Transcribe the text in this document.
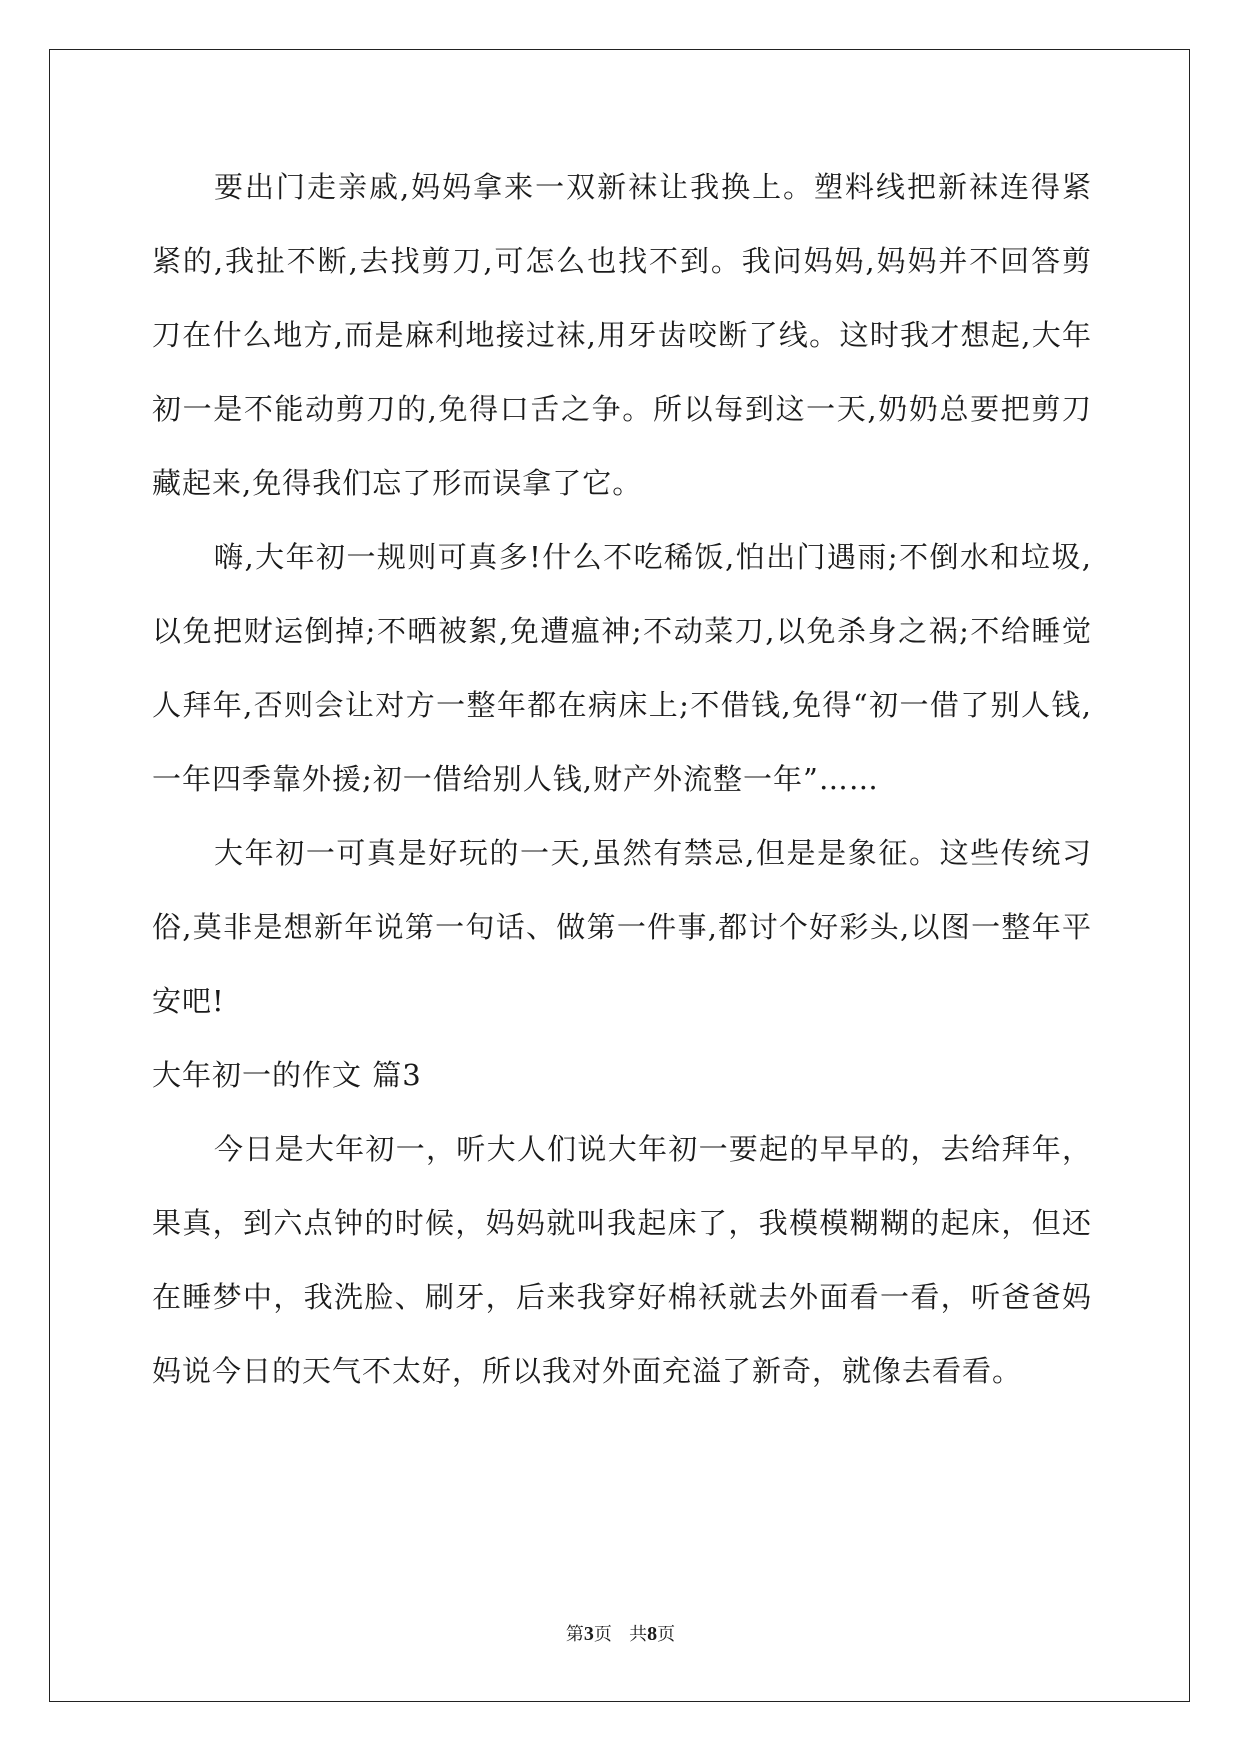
要出门走亲戚,妈妈拿来一双新袜让我换上。塑料线把新袜连得紧紧的,我扯不断,去找剪刀,可怎么也找不到。我问妈妈,妈妈并不回答剪刀在什么地方,而是麻利地接过袜,用牙齿咬断了线。这时我才想起,大年初一是不能动剪刀的,免得口舌之争。所以每到这一天,奶奶总要把剪刀藏起来,免得我们忘了形而误拿了它。

嗨,大年初一规则可真多!什么不吃稀饭,怕出门遇雨;不倒水和垃圾,以免把财运倒掉;不晒被絮,免遭瘟神;不动菜刀,以免杀身之祸;不给睡觉人拜年,否则会让对方一整年都在病床上;不借钱,免得“初一借了别人钱,一年四季靠外援;初一借给别人钱,财产外流整一年”……

大年初一可真是好玩的一天,虽然有禁忌,但是是象征。这些传统习俗,莫非是想新年说第一句话、做第一件事,都讨个好彩头,以图一整年平安吧!

大年初一的作文 篇3

今日是大年初一，听大人们说大年初一要起的早早的，去给拜年，果真，到六点钟的时候，妈妈就叫我起床了，我模模糊糊的起床，但还在睡梦中，我洗脸、刷牙，后来我穿好棉袄就去外面看一看，听爸爸妈妈说今日的天气不太好，所以我对外面充溢了新奇，就像去看看。

第3页 共8页
